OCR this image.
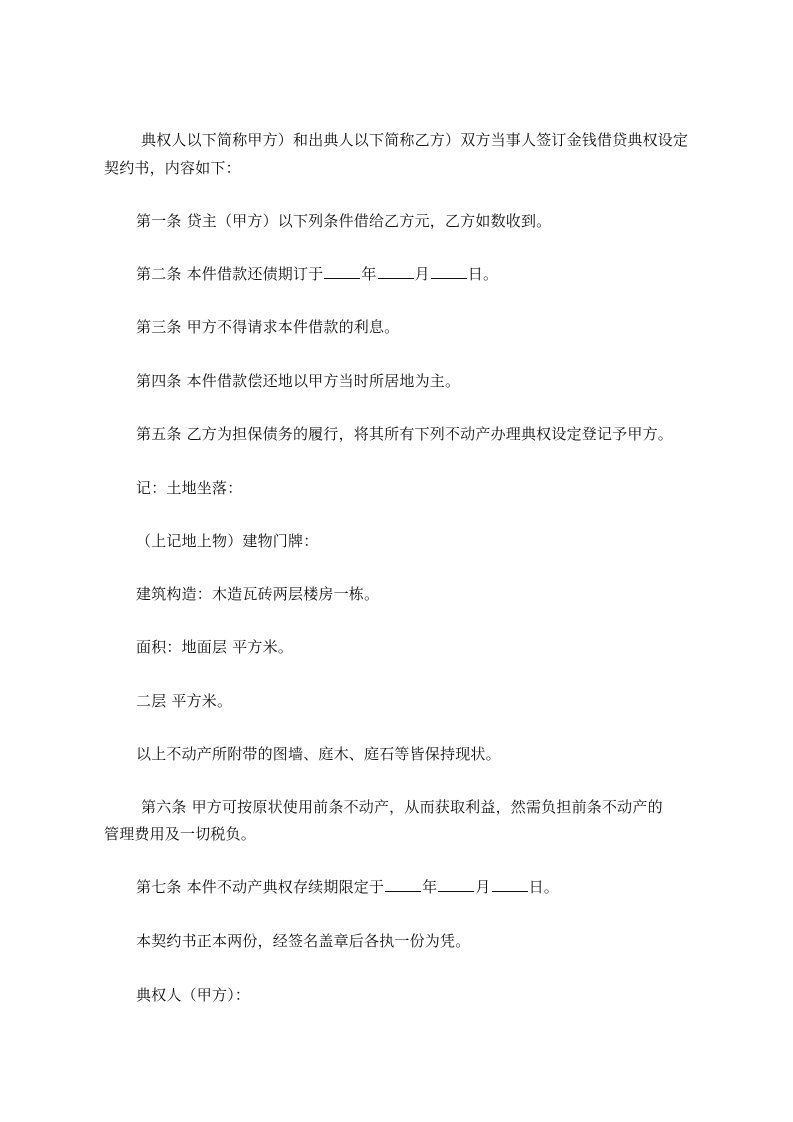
典权人以下简称甲方）和出典人以下简称乙方）双方当事人签订金钱借贷典权设定
契约书，内容如下：
第一条 贷主（甲方）以下列条件借给乙方元，乙方如数收到。
第二条 本件借款还债期订于	年	月	日。
第三条 甲方不得请求本件借款的利息。
第四条 本件借款偿还地以甲方当时所居地为主。
第五条 乙方为担保债务的履行，将其所有下列不动产办理典权设定登记予甲方。
记：土地坐落：
（上记地上物）建物门牌：
建筑构造：木造瓦砖两层楼房一栋。
面积：地面层 平方米。
二层 平方米。
以上不动产所附带的图墙、庭木、庭石等皆保持现状。
第六条 甲方可按原状使用前条不动产，从而获取利益，然需负担前条不动产的
管理费用及一切税负。
第七条 本件不动产典权存续期限定于	年	月	日。
本契约书正本两份，经签名盖章后各执一份为凭。
典权人（甲方）：
